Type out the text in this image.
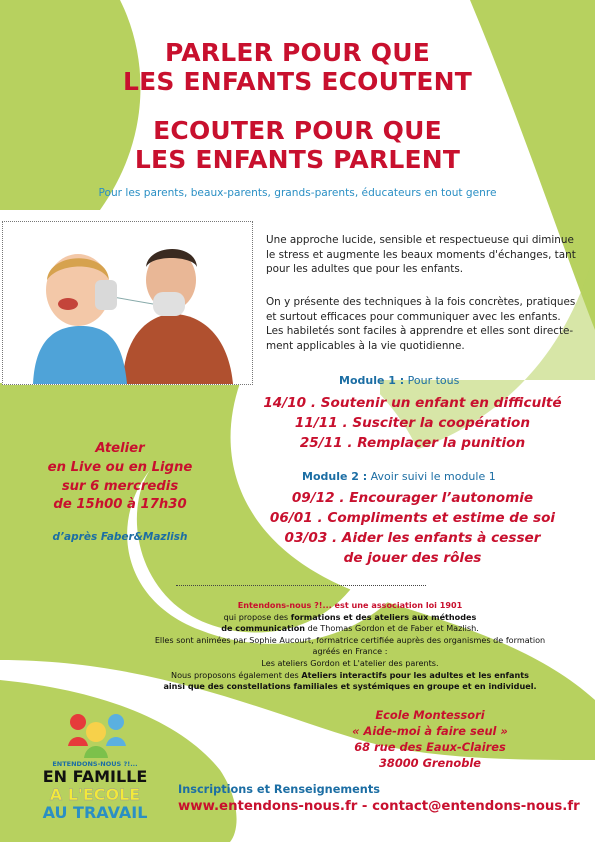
PARLER POUR QUE
LES ENFANTS ECOUTENT
ECOUTER POUR QUE
LES ENFANTS PARLENT
Pour les parents, beaux-parents, grands-parents, éducateurs en tout genre
Une approche lucide, sensible et respectueuse qui diminue
le stress et augmente les beaux moments d'échanges, tant
pour les adultes que pour les enfants.
On y présente des techniques à la fois concrètes, pratiques
et surtout efficaces pour communiquer avec les enfants.
Les habiletés sont faciles à apprendre et elles sont directe-
ment applicables à la vie quotidienne.
Module 1 : Pour tous
14/10 . Soutenir un enfant en difficulté
11/11 . Susciter la coopération
25/11 . Remplacer la punition
Module 2 : Avoir suivi le module 1
09/12 . Encourager l’autonomie
06/01 . Compliments et estime de soi
03/03 . Aider les enfants à cesser
de jouer des rôles
Atelier
en Live ou en Ligne
sur 6 mercredis
de 15h00 à 17h30
d’après Faber&Mazlish
Entendons-nous ?!... est une association loi 1901
qui propose des formations et des ateliers aux méthodes
de communication de Thomas Gordon et de Faber et Mazlish.
Elles sont animées par Sophie Aucourt, formatrice certifiée auprès des organismes de formation agréés en France :
Les ateliers Gordon et L'atelier des parents.
Nous proposons également des Ateliers interactifs pour les adultes et les enfants
ainsi que des constellations familiales et systémiques en groupe et en individuel.
Ecole Montessori
« Aide-moi à faire seul »
68 rue des Eaux-Claires
38000 Grenoble
ENTENDONS-NOUS ?!...
EN FAMILLE
A L'ECOLE
AU TRAVAIL
Inscriptions et Renseignements
www.entendons-nous.fr - contact@entendons-nous.fr
